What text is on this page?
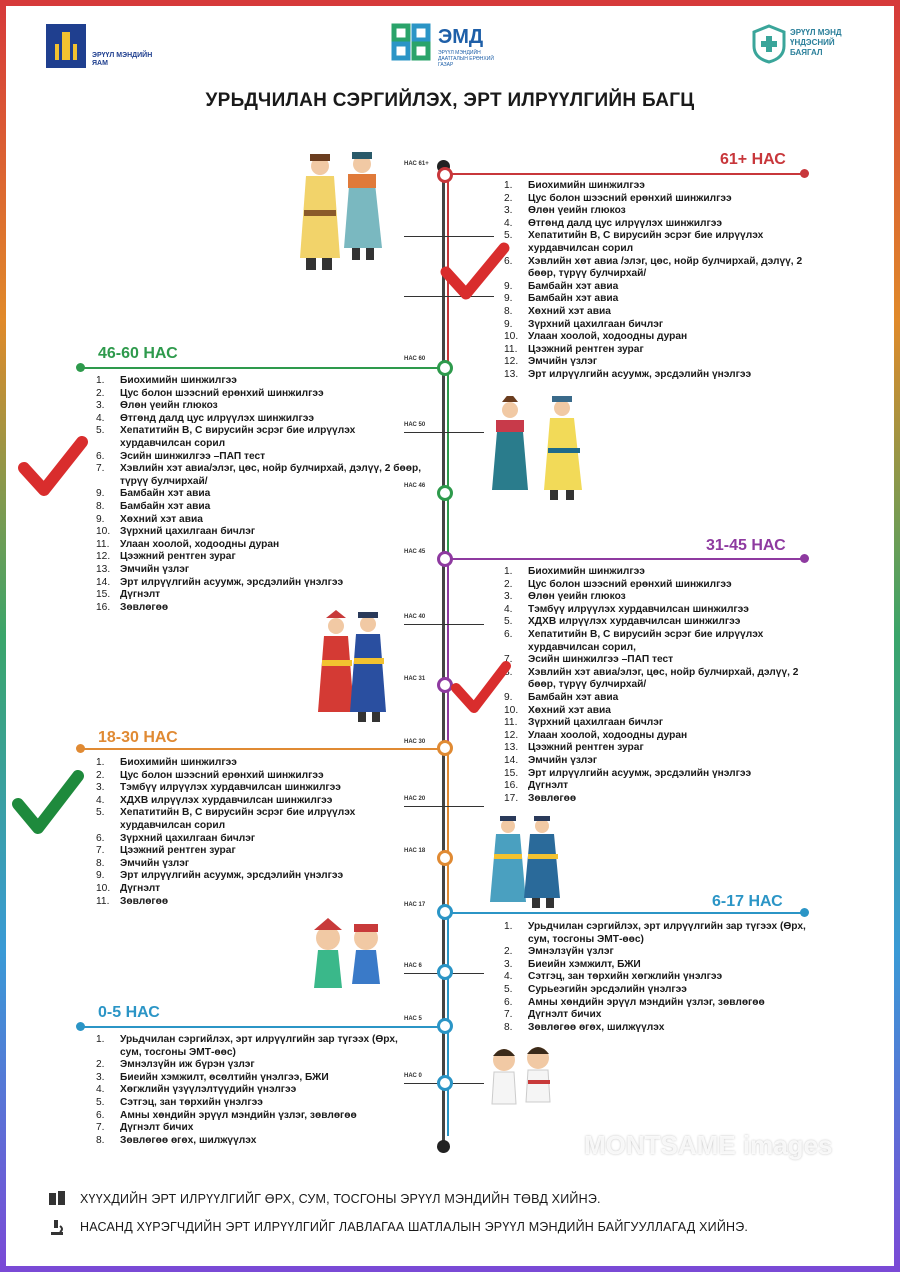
ЭРҮҮЛ МЭНДИЙН ЯАМ
ЭМД
ЭРҮҮЛ МЭНДИЙН ДААТГАЛЫН ЕРӨНХИЙ ГАЗАР
ЭРҮҮЛ МЭНД ҮНДЭСНИЙ БАЯГАЛ
УРЬДЧИЛАН СЭРГИЙЛЭХ, ЭРТ ИЛРҮҮЛГИЙН БАГЦ
НАС 61+
НАС 60
НАС 50
НАС 46
НАС 45
НАС 40
НАС 31
НАС 30
НАС 20
НАС 18
НАС 17
НАС 6
НАС 5
НАС 0
61+ НАС
46-60 НАС
31-45 НАС
18-30 НАС
6-17 НАС
0-5 НАС
1.	Биохимийн шинжилгээ
2.	Цус болон шээсний ерөнхий шинжилгээ
3.	Өлөн үеийн глюкоз
4.	Өтгөнд далд цус илрүүлэх шинжилгээ
5.	Хепатитийн В, С вирусийн эсрэг бие илрүүлэх хурдавчилсан сорил
6.	Хэвлийн хөт авиа /элэг, цөс, нойр булчирхай, дэлүү, 2 бөөр, түрүү булчирхай/
9.	Бамбайн хэт авиа
9.	Бамбайн хэт авиа
8.	Хөхний хэт авиа
9.	Зүрхний цахилгаан бичлэг
10. Улаан хоолой, ходоодны дуран
11.	Цээжний рентген зураг
12. Эмчийн үзлэг
13. Эрт илрүүлгийн асуумж, эрсдэлийн үнэлгээ
1.	Биохимийн шинжилгээ
2.	Цус болон шээсний ерөнхий шинжилгээ
3.	Өлөн үеийн глюкоз
4.	Өтгөнд далд цус илрүүлэх шинжилгээ
5.	Хепатитийн В, С вирусийн эсрэг бие илрүүлэх хурдавчилсан сорил
6.	Эсийн шинжилгээ –ПАП тест
7.	Хэвлийн хэт авиа/элэг, цөс, нойр булчирхай, дэлүү, 2 бөөр, түрүү булчирхай/
9.	Бамбайн хэт авиа
8.	Бамбайн хэт авиа
9.	Хөхний хэт авиа
10. Зүрхний цахилгаан бичлэг
11.	Улаан хоолой, ходоодны дуран
12. Цээжний рентген зураг
13. Эмчийн үзлэг
14. Эрт илрүүлгийн асуумж, эрсдэлийн үнэлгээ
15. Дүгнэлт
16. Зөвлөгөө
1.	Биохимийн шинжилгээ
2.	Цус болон шээсний ерөнхий шинжилгээ
3.	Өлөн үеийн глюкоз
4.	Тэмбүү илрүүлэх хурдавчилсан шинжилгээ
5.	ХДХВ илрүүлэх хурдавчилсан шинжилгээ
6.	Хепатитийн В, С вирусийн эсрэг бие илрүүлэх хурдавчилсан сорил,
7.	Эсийн шинжилгээ –ПАП тест
8.	Хэвлийн хэт авиа/элэг, цөс, нойр булчирхай, дэлүү, 2 бөөр, түрүү булчирхай/
9.	Бамбайн хэт авиа
10. Хөхний хэт авиа
11.	Зүрхний цахилгаан бичлэг
12. Улаан хоолой, ходоодны дуран
13. Цээжний рентген зураг
14. Эмчийн үзлэг
15. Эрт илрүүлгийн асуумж, эрсдэлийн үнэлгээ
16. Дүгнэлт
17. Зөвлөгөө
1.	Биохимийн шинжилгээ
2.	Цус болон шээсний ерөнхий шинжилгээ
3.	Тэмбүү илрүүлэх хурдавчилсан шинжилгээ
4.	ХДХВ илрүүлэх хурдавчилсан шинжилгээ
5.	Хепатитийн В, С вирусийн эсрэг бие илрүүлэх хурдавчилсан сорил
6.	Зүрхний цахилгаан бичлэг
7.	Цээжний рентген зураг
8.	Эмчийн үзлэг
9.	Эрт илрүүлгийн асуумж, эрсдэлийн үнэлгээ
10. Дүгнэлт
11.	Зөвлөгөө
1.	Урьдчилан сэргийлэх, эрт илрүүлгийн зар түгээх (Өрх, сум, тосгоны ЭМТ-өөс)
2.	Эмнэлзүйн үзлэг
3.	Биеийн хэмжилт, БЖИ
4.	Сэтгэц, зан төрхийн хөгжлийн үнэлгээ
5.	Сурьеэгийн эрсдэлийн үнэлгээ
6.	Амны хөндийн эрүүл мэндийн үзлэг, зөвлөгөө
7.	Дүгнэлт бичих
8.	Зөвлөгөө өгөх, шилжүүлэх
1.	Урьдчилан сэргийлэх, эрт илрүүлгийн зар түгээх (Өрх, сум, тосгоны ЭМТ-өөс)
2.	Эмнэлзүйн иж бүрэн үзлэг
3.	Биеийн хэмжилт, өсөлтийн үнэлгээ, БЖИ
4.	Хөгжлийн үзүүлэлтүүдийн үнэлгээ
5.	Сэтгэц, зан төрхийн үнэлгээ
6.	Амны хөндийн эрүүл мэндийн үзлэг, зөвлөгөө
7.	Дүгнэлт бичих
8.	Зөвлөгөө өгөх, шилжүүлэх	MONTSAME images
ХҮҮХДИЙН ЭРТ ИЛРҮҮЛГИЙГ ӨРХ, СУМ, ТОСГОНЫ ЭРҮҮЛ МЭНДИЙН ТӨВД ХИЙНЭ.
НАСАНД ХҮРЭГЧДИЙН ЭРТ ИЛРҮҮЛГИЙГ ЛАВЛАГАА ШАТЛАЛЫН ЭРҮҮЛ МЭНДИЙН БАЙГУУЛЛАГАД ХИЙНЭ.
